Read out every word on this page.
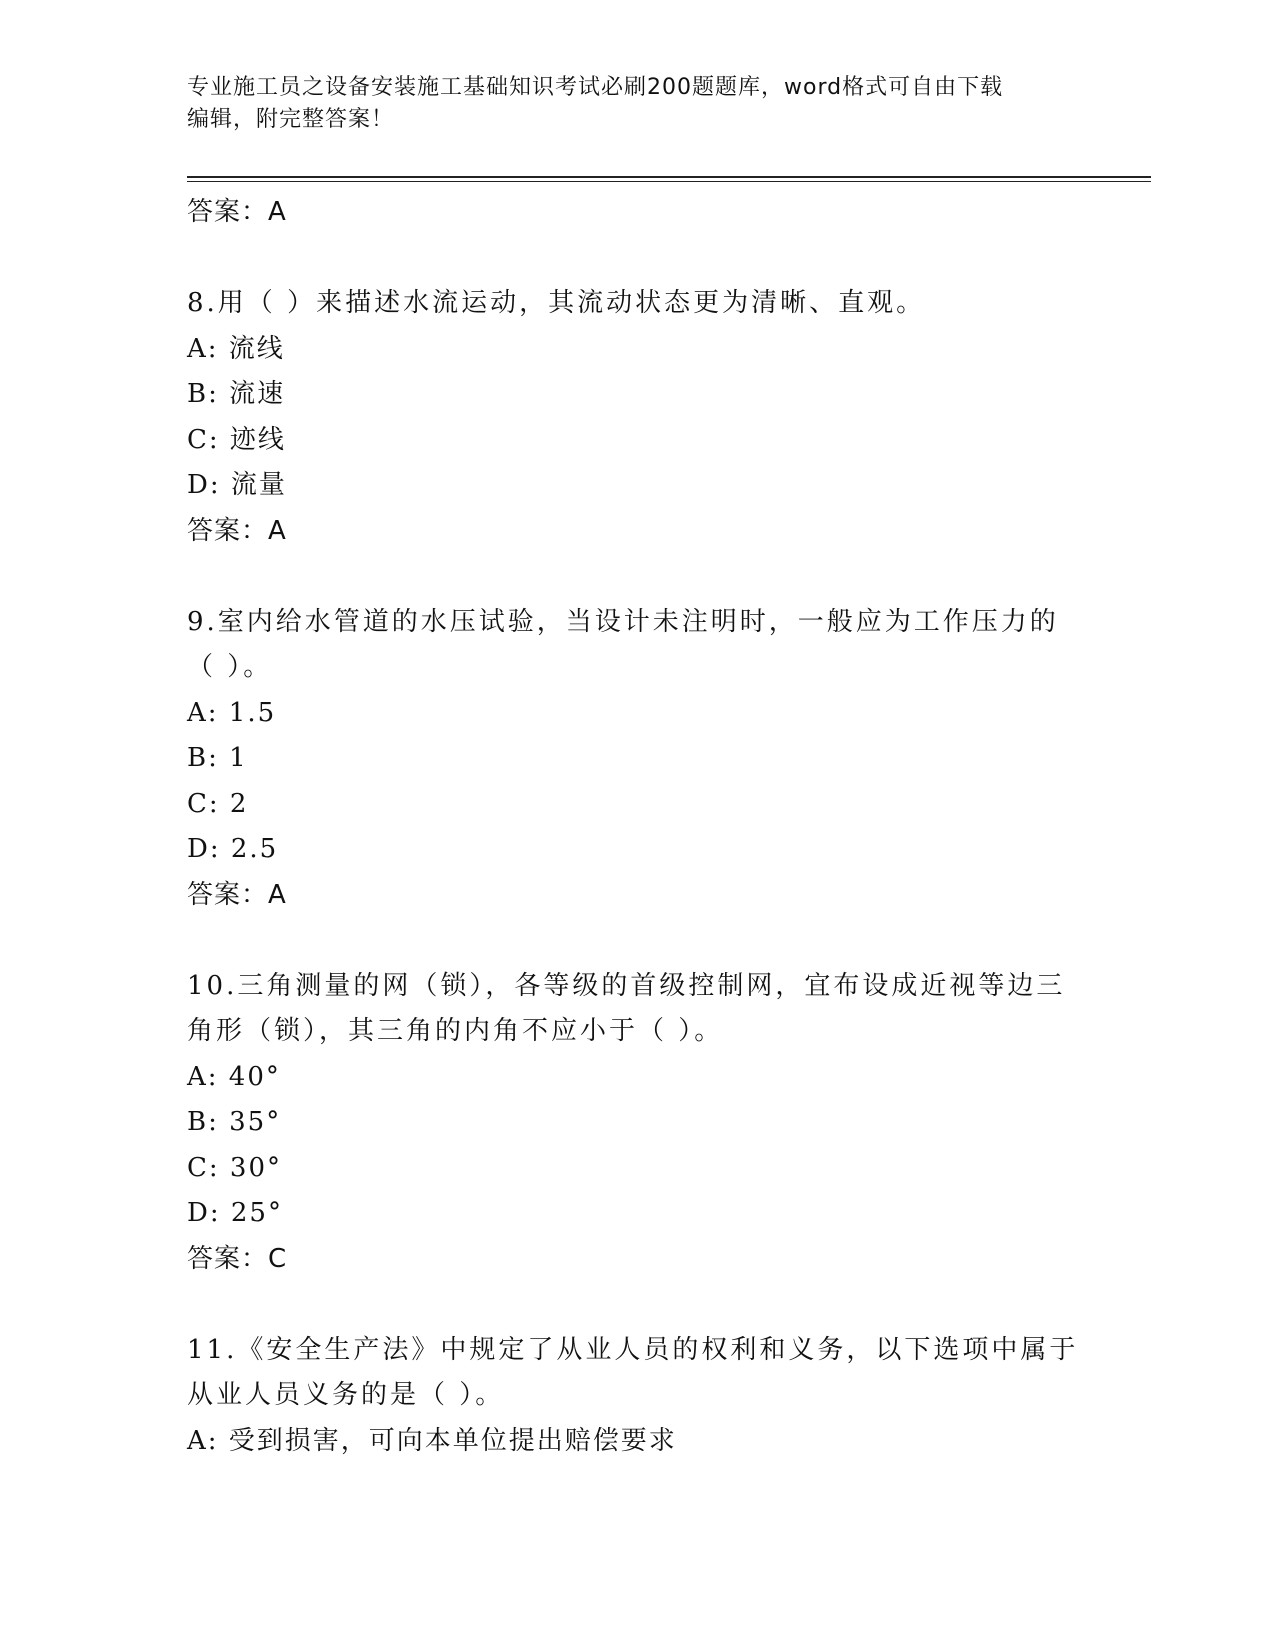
专业施工员之设备安装施工基础知识考试必刷200题题库，word格式可自由下载
编辑，附完整答案！
答案：A
8.用（ ）来描述水流运动，其流动状态更为清晰、直观。
A: 流线
B: 流速
C: 迹线
D: 流量
答案：A
9.室内给水管道的水压试验，当设计未注明时，一般应为工作压力的（ ）。
A: 1.5
B: 1
C: 2
D: 2.5
答案：A
10.三角测量的网（锁），各等级的首级控制网，宜布设成近视等边三角形（锁），其三角的内角不应小于（ ）。
A: 40°
B: 35°
C: 30°
D: 25°
答案：C
11.《安全生产法》中规定了从业人员的权利和义务，以下选项中属于从业人员义务的是（ ）。
A: 受到损害，可向本单位提出赔偿要求
